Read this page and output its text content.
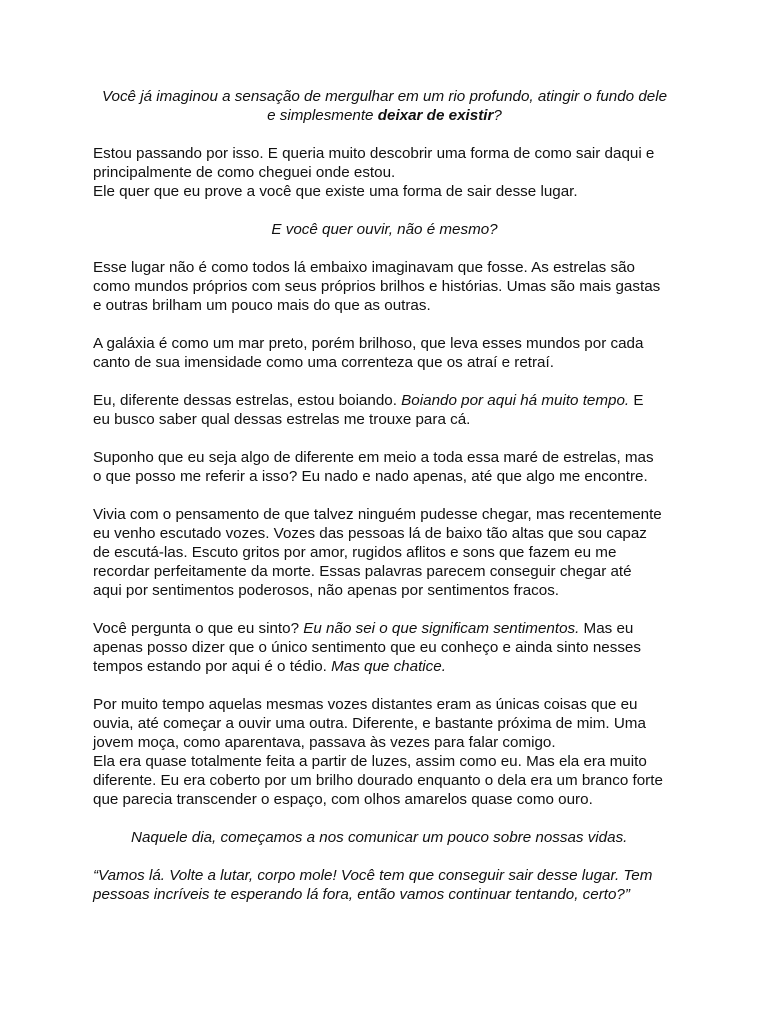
Você já imaginou a sensação de mergulhar em um rio profundo, atingir o fundo dele
e simplesmente deixar de existir?

Estou passando por isso. E queria muito descobrir uma forma de como sair daqui e
principalmente de como cheguei onde estou.
Ele quer que eu prove a você que existe uma forma de sair desse lugar.

E você quer ouvir, não é mesmo?

Esse lugar não é como todos lá embaixo imaginavam que fosse. As estrelas são
como mundos próprios com seus próprios brilhos e histórias. Umas são mais gastas
e outras brilham um pouco mais do que as outras.

A galáxia é como um mar preto, porém brilhoso, que leva esses mundos por cada
canto de sua imensidade como uma correnteza que os atraí e retraí.

Eu, diferente dessas estrelas, estou boiando. Boiando por aqui há muito tempo. E
eu busco saber qual dessas estrelas me trouxe para cá.

Suponho que eu seja algo de diferente em meio a toda essa maré de estrelas, mas
o que posso me referir a isso? Eu nado e nado apenas, até que algo me encontre.

Vivia com o pensamento de que talvez ninguém pudesse chegar, mas recentemente
eu venho escutado vozes. Vozes das pessoas lá de baixo tão altas que sou capaz
de escutá-las. Escuto gritos por amor, rugidos aflitos e sons que fazem eu me
recordar perfeitamente da morte. Essas palavras parecem conseguir chegar até
aqui por sentimentos poderosos, não apenas por sentimentos fracos.

Você pergunta o que eu sinto? Eu não sei o que significam sentimentos. Mas eu
apenas posso dizer que o único sentimento que eu conheço e ainda sinto nesses
tempos estando por aqui é o tédio. Mas que chatice.

Por muito tempo aquelas mesmas vozes distantes eram as únicas coisas que eu
ouvia, até começar a ouvir uma outra. Diferente, e bastante próxima de mim. Uma
jovem moça, como aparentava, passava às vezes para falar comigo.
Ela era quase totalmente feita a partir de luzes, assim como eu. Mas ela era muito
diferente. Eu era coberto por um brilho dourado enquanto o dela era um branco forte
que parecia transcender o espaço, com olhos amarelos quase como ouro.

Naquele dia, começamos a nos comunicar um pouco sobre nossas vidas.

“Vamos lá. Volte a lutar, corpo mole! Você tem que conseguir sair desse lugar. Tem
pessoas incríveis te esperando lá fora, então vamos continuar tentando, certo?”
